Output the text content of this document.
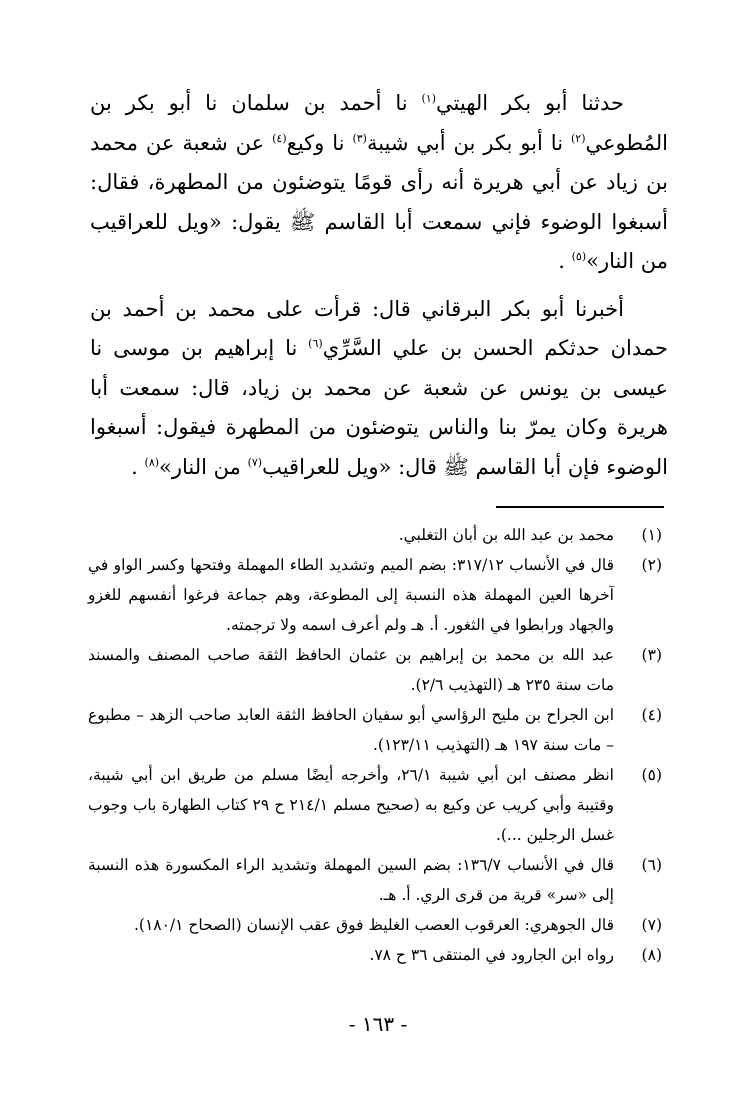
حدثنا أبو بكر الهيتي$^{(١)}$ نا أحمد بن سلمان نا أبو بكر بن المُطوعي$^{(٢)}$ نا أبو بكر بن أبي شيبة$^{(٣)}$ نا وكيع$^{(٤)}$ عن شعبة عن محمد بن زياد عن أبي هريرة أنه رأى قومًا يتوضئون من المطهرة، فقال: أسبغوا الوضوء فإني سمعت أبا القاسم ﷺ يقول: «ويل للعراقيب من النار»$^{(٥)}$ .

أخبرنا أبو بكر البرقاني قال: قرأت على محمد بن أحمد بن حمدان حدثكم الحسن بن علي السَّرِّي$^{(٦)}$ نا إبراهيم بن موسى نا عيسى بن يونس عن شعبة عن محمد بن زياد، قال: سمعت أبا هريرة وكان يمرّ بنا والناس يتوضئون من المطهرة فيقول: أسبغوا الوضوء فإن أبا القاسم ﷺ قال: «ويل للعراقيب$^{(٧)}$ من النار»$^{(٨)}$ .

(١)
محمد بن عبد الله بن أبان التغلبي.
(٢)
قال في الأنساب ٣١٧/١٢: بضم الميم وتشديد الطاء المهملة وفتحها وكسر الواو في آخرها العين المهملة هذه النسبة إلى المطوعة، وهم جماعة فرغوا أنفسهم للغزو والجهاد ورابطوا في الثغور. أ. هـ ولم أعرف اسمه ولا ترجمته.
(٣)
عبد الله بن محمد بن إبراهيم بن عثمان الحافظ الثقة صاحب المصنف والمسند مات سنة ٢٣٥ هـ (التهذيب ٢/٦).
(٤)
ابن الجراح بن مليح الرؤاسي أبو سفيان الحافظ الثقة العابد صاحب الزهد – مطبوع – مات سنة ١٩٧ هـ (التهذيب ١٢٣/١١).
(٥)
انظر مصنف ابن أبي شيبة ٢٦/١، وأخرجه أيضًا مسلم من طريق ابن أبي شيبة، وقتيبة وأبي كريب عن وكيع به (صحيح مسلم ٢١٤/١ ح ٢٩ كتاب الطهارة باب وجوب غسل الرجلين ...).
(٦)
قال في الأنساب ١٣٦/٧: بضم السين المهملة وتشديد الراء المكسورة هذه النسبة إلى «سر» قرية من قرى الري. أ. هـ.
(٧)
قال الجوهري: العرقوب العصب الغليظ فوق عقب الإنسان (الصحاح ١٨٠/١).
(٨)
رواه ابن الجارود في المنتقى ٣٦ ح ٧٨.
- ١٦٣ -
